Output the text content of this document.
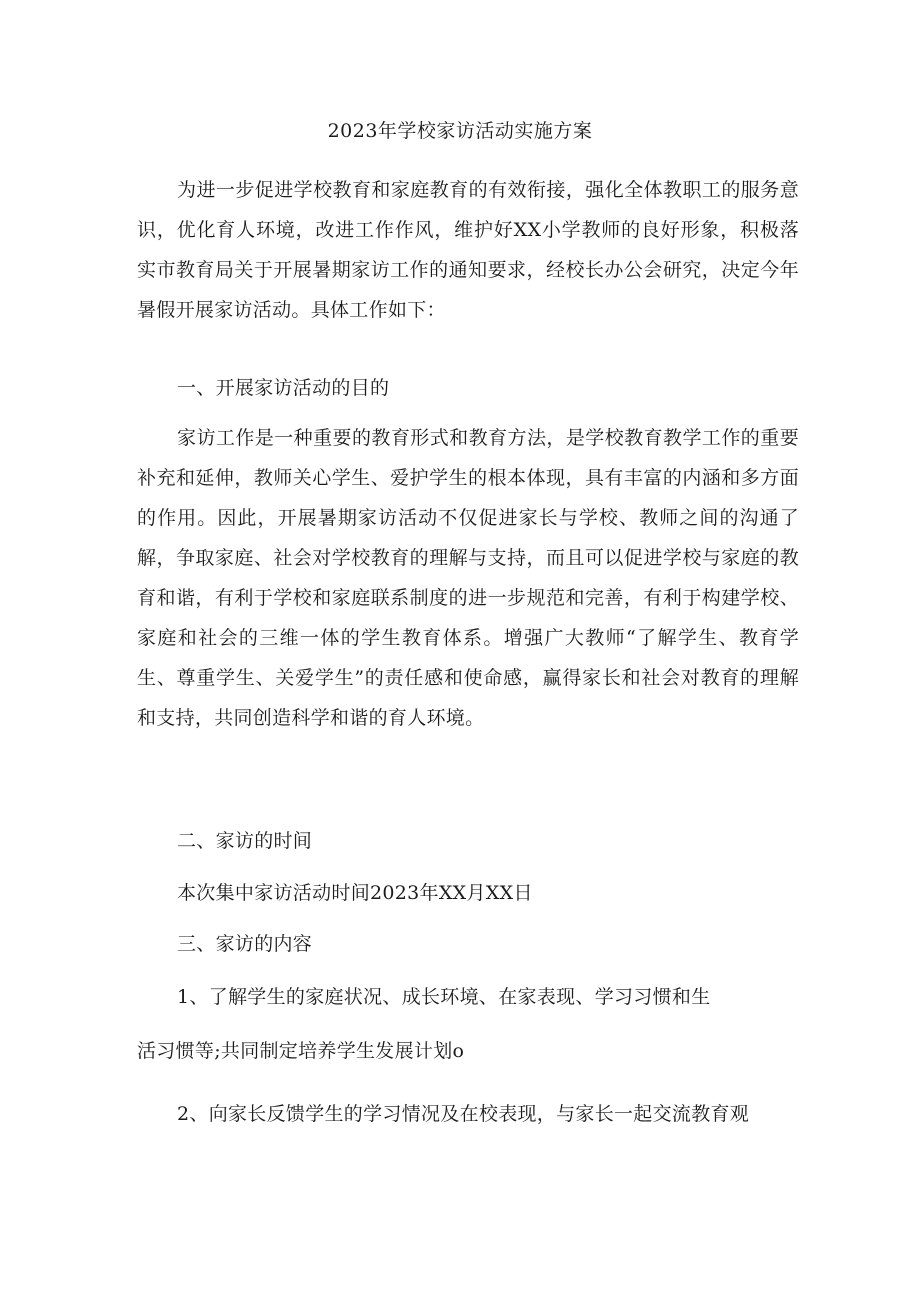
2023年学校家访活动实施方案

为进一步促进学校教育和家庭教育的有效衔接，强化全体教职工的服务意识，优化育人环境，改进工作作风，维护好XX小学教师的良好形象，积极落实市教育局关于开展暑期家访工作的通知要求，经校长办公会研究，决定今年暑假开展家访活动。具体工作如下：

一、开展家访活动的目的

家访工作是一种重要的教育形式和教育方法，是学校教育教学工作的重要补充和延伸，教师关心学生、爱护学生的根本体现，具有丰富的内涵和多方面的作用。因此，开展暑期家访活动不仅促进家长与学校、教师之间的沟通了解，争取家庭、社会对学校教育的理解与支持，而且可以促进学校与家庭的教育和谐，有利于学校和家庭联系制度的进一步规范和完善，有利于构建学校、家庭和社会的三维一体的学生教育体系。增强广大教师“了解学生、教育学生、尊重学生、关爱学生”的责任感和使命感，赢得家长和社会对教育的理解和支持，共同创造科学和谐的育人环境。

二、家访的时间
本次集中家访活动时间2023年XX月XX日
三、家访的内容
1、了解学生的家庭状况、成长环境、在家表现、学习习惯和生
活习惯等;共同制定培养学生发展计划o
2、向家长反馈学生的学习情况及在校表现，与家长一起交流教育观
